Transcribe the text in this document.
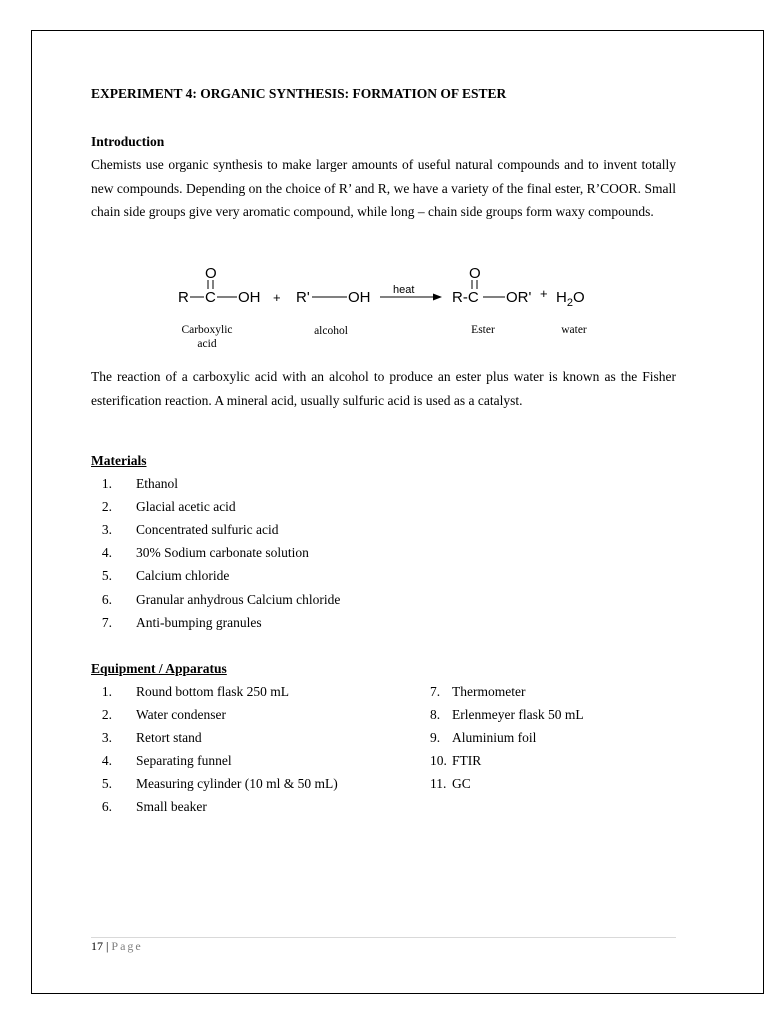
EXPERIMENT 4: ORGANIC SYNTHESIS: FORMATION OF ESTER
Introduction
Chemists use organic synthesis to make larger amounts of useful natural compounds and to invent totally new compounds. Depending on the choice of R’ and R, we have a variety of the final ester, R’COOR. Small chain side groups give very aromatic compound, while long – chain side groups form waxy compounds.
R C
O
OH + R'	OH heat	R-C
O
$OR' + H_2O$
Carboxylic
acid
alcohol	Ester	water
The reaction of a carboxylic acid with an alcohol to produce an ester plus water is known as the Fisher esterification reaction. A mineral acid, usually sulfuric acid is used as a catalyst.
Materials
1. Ethanol
2. Glacial acetic acid
3. Concentrated sulfuric acid
4. 30% Sodium carbonate solution
5. Calcium chloride
6. Granular anhydrous Calcium chloride
7. Anti-bumping granules
Equipment / Apparatus
1. Round bottom flask 250 mL
2. Water condenser
3. Retort stand
4. Separating funnel
5. Measuring cylinder (10 ml & 50 mL)
6. Small beaker
7. Thermometer
8. Erlenmeyer flask 50 mL
9. Aluminium foil
10. FTIR
11. GC
17 | Page
